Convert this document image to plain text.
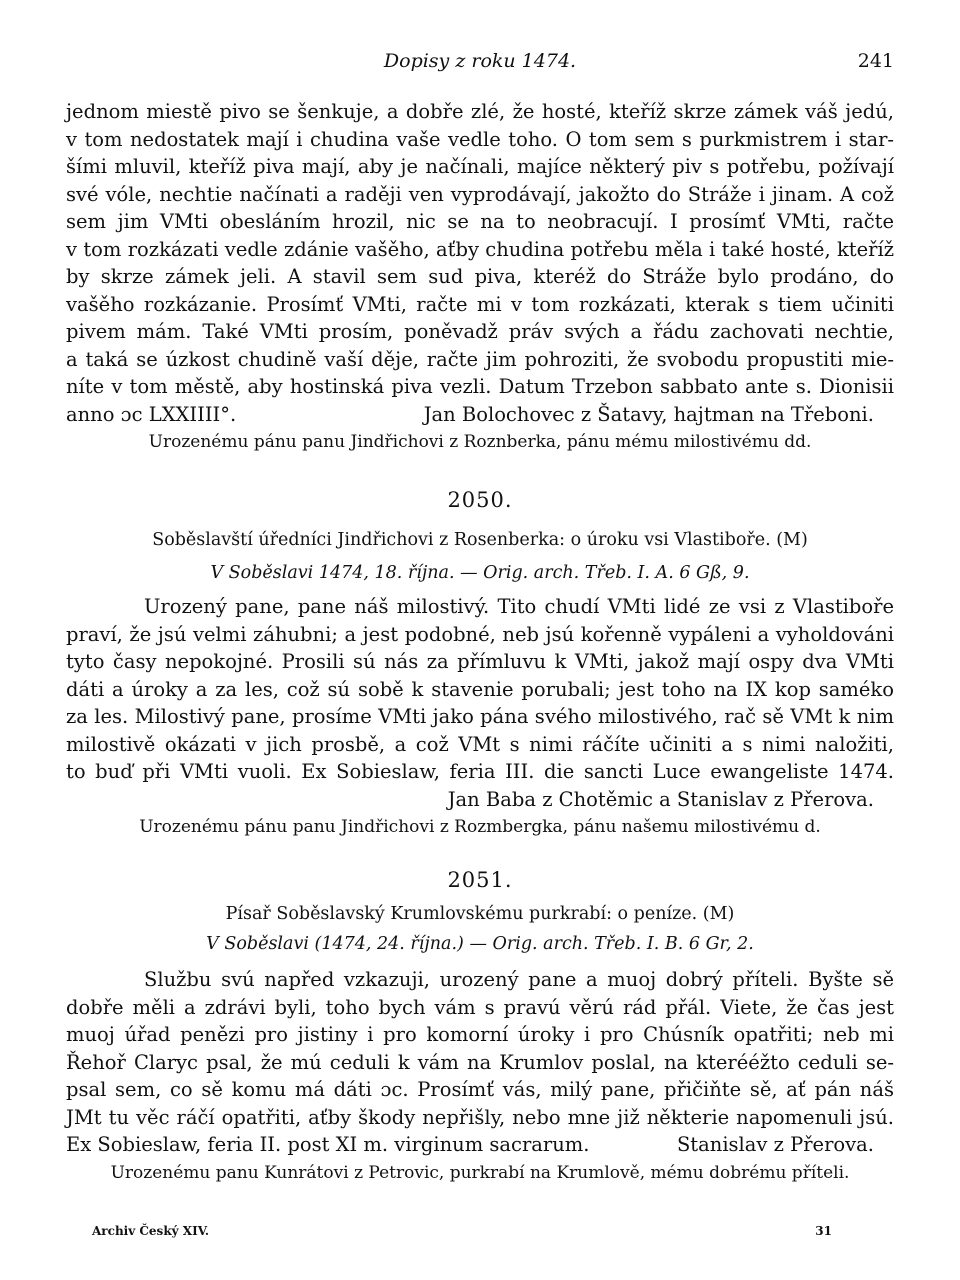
Dopisy z roku 1474.	241
jednom miestě pivo se šenkuje, a dobře zlé, že hosté, kteříž skrze zámek váš jedú,
v tom nedostatek mají i chudina vaše vedle toho. O tom sem s purkmistrem i star-
šími mluvil, kteříž piva mají, aby je načínali, majíce některý piv s potřebu, požívají
své vóle, nechtie načínati a raději ven vyprodávají, jakožto do Stráže i jinam. A což
sem jim VMti obesláním hrozil, nic se na to neobracují. I prosímť VMti, račte
v tom rozkázati vedle zdánie vašěho, aťby chudina potřebu měla i také hosté, kteříž
by skrze zámek jeli. A stavil sem sud piva, kteréž do Stráže bylo prodáno, do
vašěho rozkázanie. Prosímť VMti, račte mi v tom rozkázati, kterak s tiem učiniti
pivem mám. Také VMti prosím, poněvadž práv svých a řádu zachovati nechtie,
a taká se úzkost chudině vaší děje, račte jim pohroziti, že svobodu propustiti mie-
níte v tom městě, aby hostinská piva vezli. Datum Trzebon sabbato ante s. Dionisii
anno ɔc LXXIIII°.	Jan Bolochovec z Šatavy, hajtman na Třeboni.
Urozenému pánu panu Jindřichovi z Roznberka, pánu mému milostivému dd.
2050.
Soběslavští úředníci Jindřichovi z Rosenberka: o úroku vsi Vlastiboře. (M)
V Soběslavi 1474, 18. října. — Orig. arch. Třeb. I. A. 6 Gß, 9.
Urozený pane, pane náš milostivý. Tito chudí VMti lidé ze vsi z Vlastiboře
praví, že jsú velmi záhubni; a jest podobné, neb jsú kořenně vypáleni a vyholdováni
tyto časy nepokojné. Prosili sú nás za přímluvu k VMti, jakož mají ospy dva VMti
dáti a úroky a za les, což sú sobě k stavenie porubali; jest toho na IX kop saméko
za les. Milostivý pane, prosíme VMti jako pána svého milostivého, rač sě VMt k nim
milostivě okázati v jich prosbě, a což VMt s nimi ráčíte učiniti a s nimi naložiti,
to buď při VMti vuoli. Ex Sobieslaw, feria III. die sancti Luce ewangeliste 1474.
Jan Baba z Chotěmic a Stanislav z Přerova.
Urozenému pánu panu Jindřichovi z Rozmbergka, pánu našemu milostivému d.
2051.
Písař Soběslavský Krumlovskému purkrabí: o peníze. (M)
V Soběslavi (1474, 24. října.) — Orig. arch. Třeb. I. B. 6 Gr, 2.
Službu svú napřed vzkazuji, urozený pane a muoj dobrý příteli. Byšte sě
dobře měli a zdrávi byli, toho bych vám s pravú věrú rád přál. Viete, že čas jest
muoj úřad penězi pro jistiny i pro komorní úroky i pro Chúsník opatřiti; neb mi
Řehoř Claryc psal, že mú ceduli k vám na Krumlov poslal, na kterééžto ceduli se-
psal sem, co sě komu má dáti ɔc. Prosímť vás, milý pane, přičiňte sě, ať pán náš
JMt tu věc ráčí opatřiti, aťby škody nepřišly, nebo mne již některie napomenuli jsú.
Ex Sobieslaw, feria II. post XI m. virginum sacrarum.	Stanislav z Přerova.
Urozenému panu Kunrátovi z Petrovic, purkrabí na Krumlově, mému dobrému příteli.
Archiv Český XIV.	31
